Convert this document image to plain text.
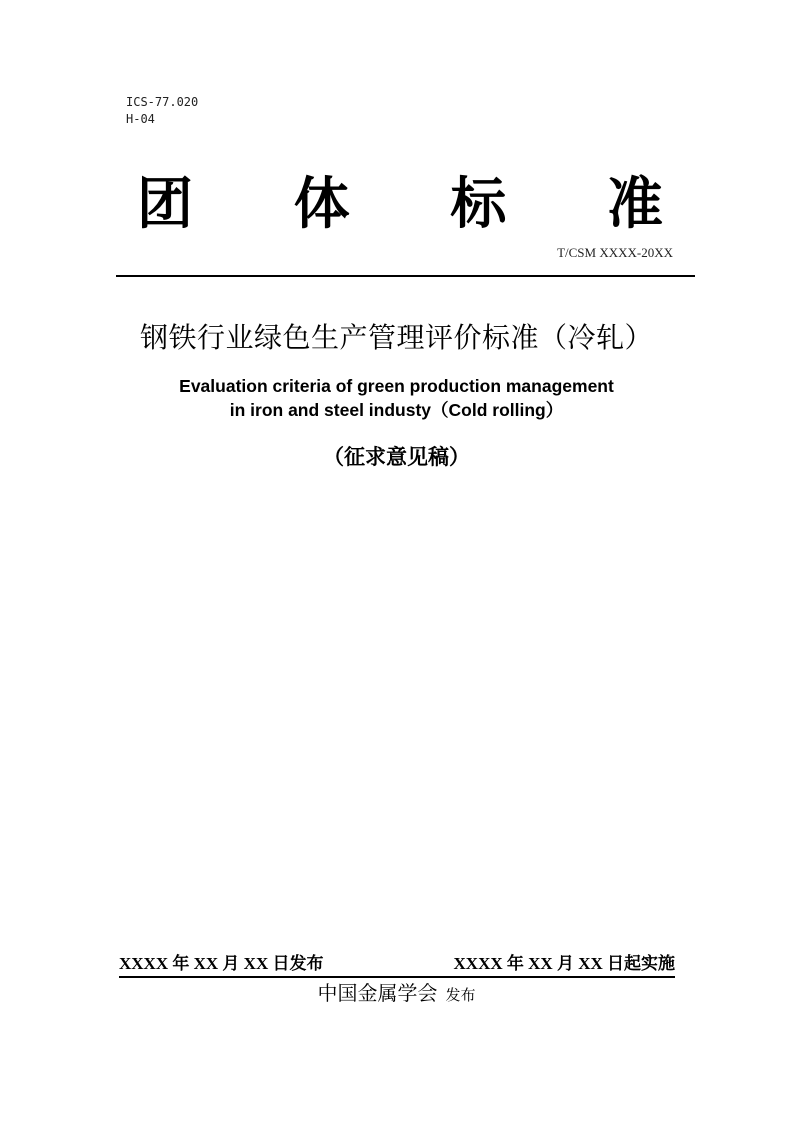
ICS-77.020
H-04
团	体	标	准
T/CSM XXXX-20XX
钢铁行业绿色生产管理评价标准（冷轧）
Evaluation criteria of green production management
in iron and steel industy（Cold rolling）
（征求意见稿）
XXXX 年 XX 月 XX 日发布	XXXX 年 XX 月 XX 日起实施
中国金属学会 发布
